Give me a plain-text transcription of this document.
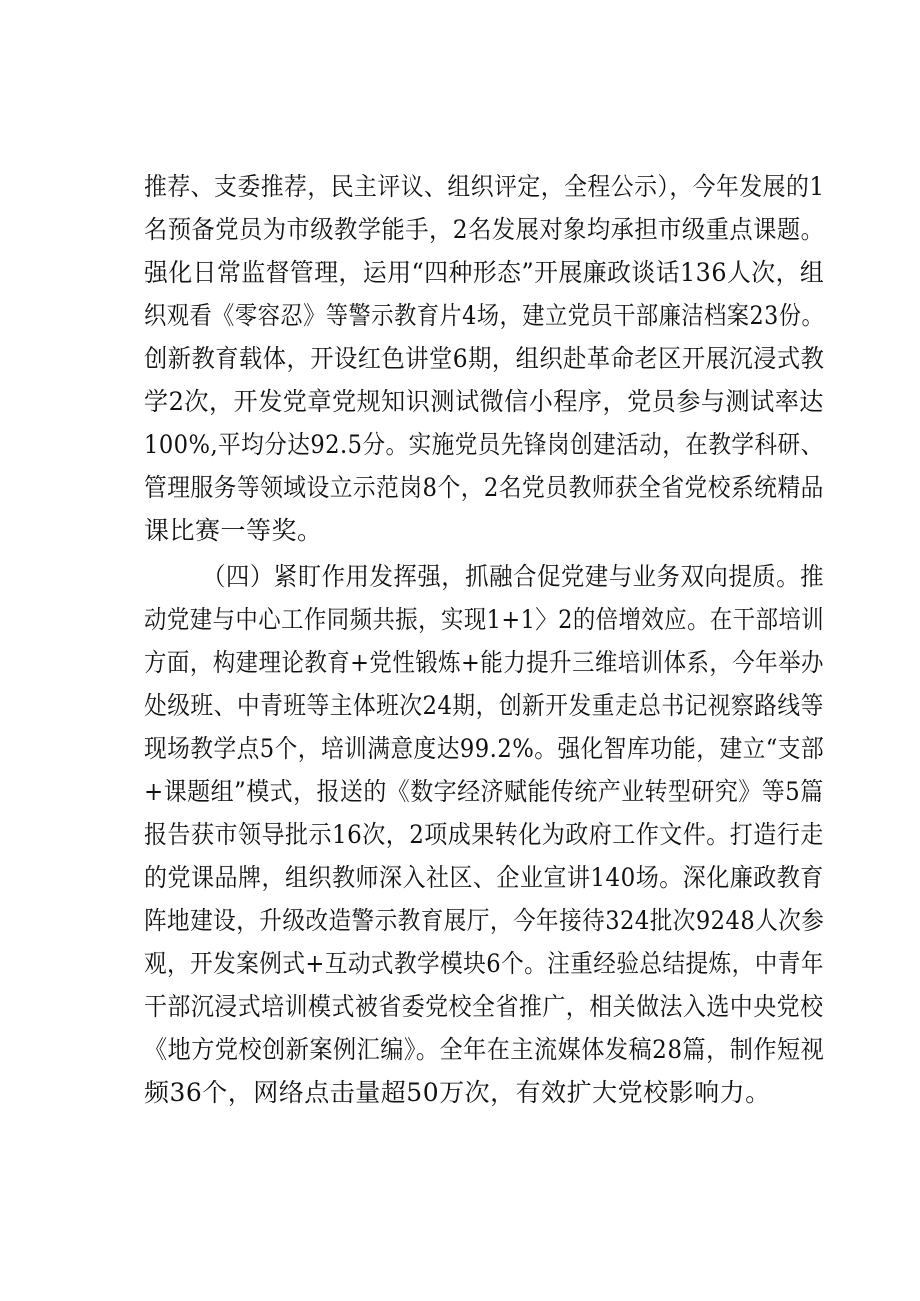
推荐、支委推荐，民主评议、组织评定，全程公示），今年发展的1
名预备党员为市级教学能手，2名发展对象均承担市级重点课题。
强化日常监督管理，运用“四种形态”开展廉政谈话136人次，组
织观看《零容忍》等警示教育片4场，建立党员干部廉洁档案23份。
创新教育载体，开设红色讲堂6期，组织赴革命老区开展沉浸式教
学2次，开发党章党规知识测试微信小程序，党员参与测试率达
100%,平均分达92.5分。实施党员先锋岗创建活动，在教学科研、
管理服务等领域设立示范岗8个，2名党员教师获全省党校系统精品
课比赛一等奖。
（四）紧盯作用发挥强，抓融合促党建与业务双向提质。推
动党建与中心工作同频共振，实现1+1〉2的倍增效应。在干部培训
方面，构建理论教育+党性锻炼+能力提升三维培训体系，今年举办
处级班、中青班等主体班次24期，创新开发重走总书记视察路线等
现场教学点5个，培训满意度达99.2%。强化智库功能，建立“支部
+课题组”模式，报送的《数字经济赋能传统产业转型研究》等5篇
报告获市领导批示16次，2项成果转化为政府工作文件。打造行走
的党课品牌，组织教师深入社区、企业宣讲140场。深化廉政教育
阵地建设，升级改造警示教育展厅，今年接待324批次9248人次参
观，开发案例式+互动式教学模块6个。注重经验总结提炼，中青年
干部沉浸式培训模式被省委党校全省推广，相关做法入选中央党校
《地方党校创新案例汇编》。全年在主流媒体发稿28篇，制作短视
频36个，网络点击量超50万次，有效扩大党校影响力。
